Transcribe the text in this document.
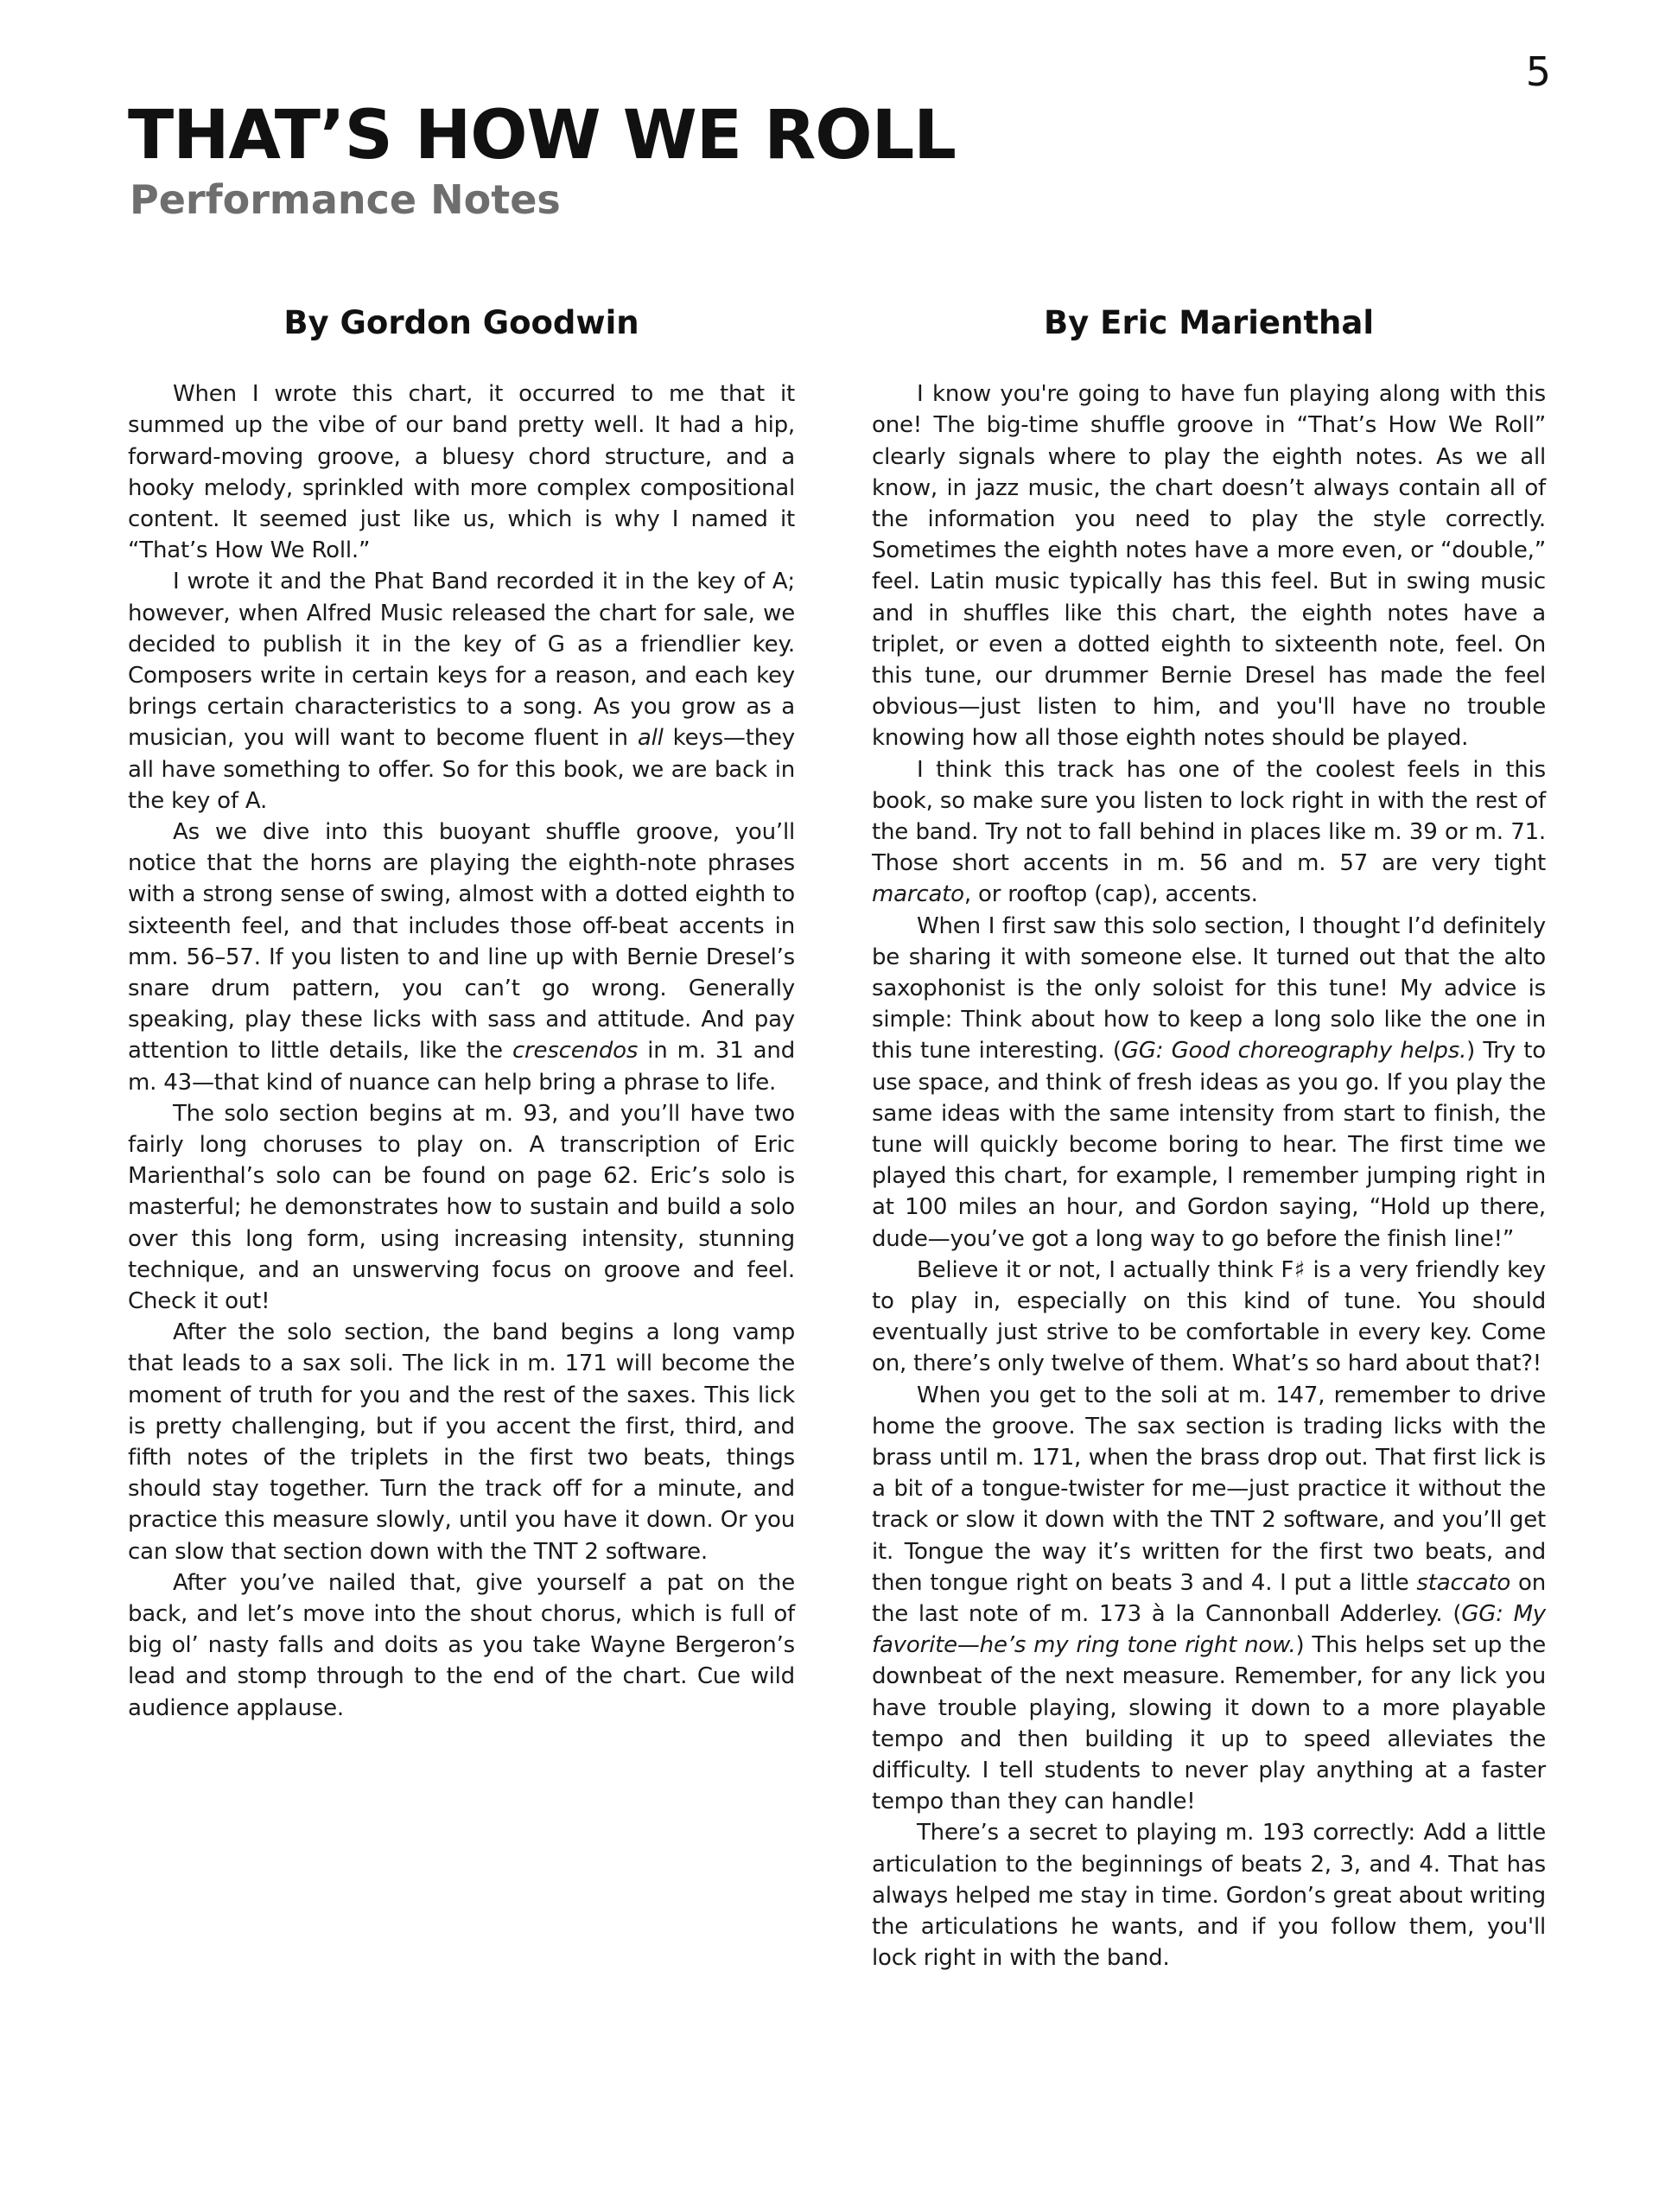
5
THAT’S HOW WE ROLL
Performance Notes
By Gordon Goodwin

When I wrote this chart, it occurred to me that it summed up the vibe of our band pretty well. It had a hip, forward-moving groove, a bluesy chord structure, and a hooky melody, sprinkled with more complex compositional content. It seemed just like us, which is why I named it “That’s How We Roll.”

I wrote it and the Phat Band recorded it in the key of A; however, when Alfred Music released the chart for sale, we decided to publish it in the key of G as a friendlier key. Composers write in certain keys for a reason, and each key brings certain characteristics to a song. As you grow as a musician, you will want to become fluent in all keys—they all have something to offer. So for this book, we are back in the key of A.

As we dive into this buoyant shuffle groove, you’ll notice that the horns are playing the eighth-note phrases with a strong sense of swing, almost with a dotted eighth to sixteenth feel, and that includes those off-beat accents in mm. 56–57. If you listen to and line up with Bernie Dresel’s snare drum pattern, you can’t go wrong. Generally speaking, play these licks with sass and attitude. And pay attention to little details, like the crescendos in m. 31 and m. 43—that kind of nuance can help bring a phrase to life.

The solo section begins at m. 93, and you’ll have two fairly long choruses to play on. A transcription of Eric Marienthal’s solo can be found on page 62. Eric’s solo is masterful; he demonstrates how to sustain and build a solo over this long form, using increasing intensity, stunning technique, and an unswerving focus on groove and feel. Check it out!

After the solo section, the band begins a long vamp that leads to a sax soli. The lick in m. 171 will become the moment of truth for you and the rest of the saxes. This lick is pretty challenging, but if you accent the first, third, and fifth notes of the triplets in the first two beats, things should stay together. Turn the track off for a minute, and practice this measure slowly, until you have it down. Or you can slow that section down with the TNT 2 software.

After you’ve nailed that, give yourself a pat on the back, and let’s move into the shout chorus, which is full of big ol’ nasty falls and doits as you take Wayne Bergeron’s lead and stomp through to the end of the chart. Cue wild audience applause.

By Eric Marienthal

I know you're going to have fun playing along with this one! The big-time shuffle groove in “That’s How We Roll” clearly signals where to play the eighth notes. As we all know, in jazz music, the chart doesn’t always contain all of the information you need to play the style correctly. Sometimes the eighth notes have a more even, or “double,” feel. Latin music typically has this feel. But in swing music and in shuffles like this chart, the eighth notes have a triplet, or even a dotted eighth to sixteenth note, feel. On this tune, our drummer Bernie Dresel has made the feel obvious—just listen to him, and you'll have no trouble knowing how all those eighth notes should be played.

I think this track has one of the coolest feels in this book, so make sure you listen to lock right in with the rest of the band. Try not to fall behind in places like m. 39 or m. 71. Those short accents in m. 56 and m. 57 are very tight marcato, or rooftop (cap), accents.

When I first saw this solo section, I thought I’d definitely be sharing it with someone else. It turned out that the alto saxophonist is the only soloist for this tune! My advice is simple: Think about how to keep a long solo like the one in this tune interesting. (GG: Good choreography helps.) Try to use space, and think of fresh ideas as you go. If you play the same ideas with the same intensity from start to finish, the tune will quickly become boring to hear. The first time we played this chart, for example, I remember jumping right in at 100 miles an hour, and Gordon saying, “Hold up there, dude—you’ve got a long way to go before the finish line!”

Believe it or not, I actually think F♯ is a very friendly key to play in, especially on this kind of tune. You should eventually just strive to be comfortable in every key. Come on, there’s only twelve of them. What’s so hard about that?!

When you get to the soli at m. 147, remember to drive home the groove. The sax section is trading licks with the brass until m. 171, when the brass drop out. That first lick is a bit of a tongue-twister for me—just practice it without the track or slow it down with the TNT 2 software, and you’ll get it. Tongue the way it’s written for the first two beats, and then tongue right on beats 3 and 4. I put a little staccato on the last note of m. 173 à la Cannonball Adderley. (GG: My favorite—he’s my ring tone right now.) This helps set up the downbeat of the next measure. Remember, for any lick you have trouble playing, slowing it down to a more playable tempo and then building it up to speed alleviates the difficulty. I tell students to never play anything at a faster tempo than they can handle!

There’s a secret to playing m. 193 correctly: Add a little articulation to the beginnings of beats 2, 3, and 4. That has always helped me stay in time. Gordon’s great about writing the articulations he wants, and if you follow them, you'll lock right in with the band.
